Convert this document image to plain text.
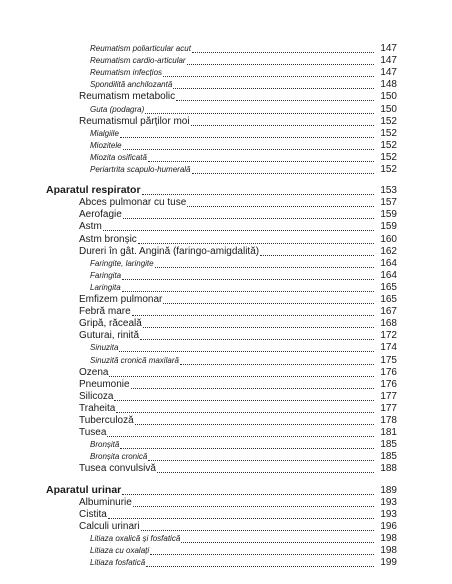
Reumatism poliarticular acut	147
Reumatism cardio-articular	147
Reumatism infecțios	147
Spondilită anchilozantă	148
Reumatism metabolic	150
Guta (podagra)	150
Reumatismul părților moi	152
Mialgiile	152
Miozitele	152
Miozita osificată	152
Periartrita scapulo-humerală	152
Aparatul respirator	153
Abces pulmonar cu tuse	157
Aerofagie	159
Astm	159
Astm bronșic	160
Dureri în gât. Angină (faringo-amigdalită)	162
Faringite, laringite	164
Faringita	164
Laringita	165
Emfizem pulmonar	165
Febră mare	167
Gripă, răceală	168
Guturai, rinită	172
Sinuzita	174
Sinuzită cronică maxilară	175
Ozena	176
Pneumonie	176
Silicoza	177
Traheita	177
Tuberculoză	178
Tusea	181
Bronșită	185
Bronșita cronică	185
Tusea convulsivă	188
Aparatul urinar	189
Albuminurie	193
Cistita	193
Calculi urinari	196
Litiaza oxalică și fosfatică	198
Litiaza cu oxalați	198
Litiaza fosfatică	199
